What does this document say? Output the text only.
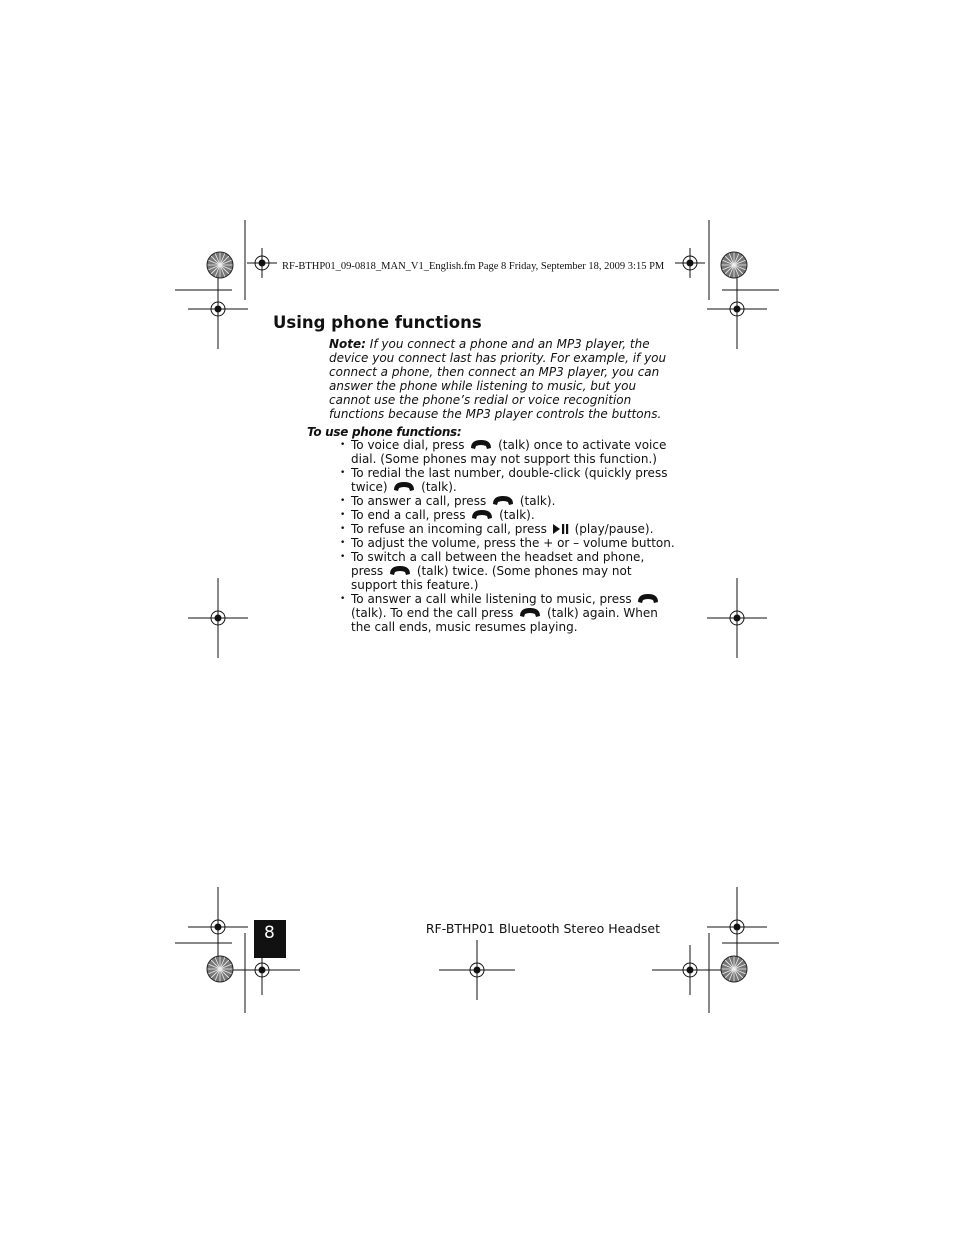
RF-BTHP01_09-0818_MAN_V1_English.fm Page 8 Friday, September 18, 2009 3:15 PM
Using phone functions

Note: If you connect a phone and an MP3 player, the device you connect last has priority. For example, if you connect a phone, then connect an MP3 player, you can answer the phone while listening to music, but you cannot use the phone’s redial or voice recognition functions because the MP3 player controls the buttons.

To use phone functions:

• To voice dial, press	(talk) once to activate voice dial. (Some phones may not support this function.)
• To redial the last number, double-click (quickly press twice)	(talk).
• To answer a call, press	(talk).
• To end a call, press	(talk).
• To refuse an incoming call, press (play/pause).
• To adjust the volume, press the + or – volume button.
• To switch a call between the headset and phone, press	(talk) twice. (Some phones may not support this feature.)
• To answer a call while listening to music, press  (talk). To end the call press	(talk) again. When the call ends, music resumes playing.
8	RF-BTHP01 Bluetooth Stereo Headset
